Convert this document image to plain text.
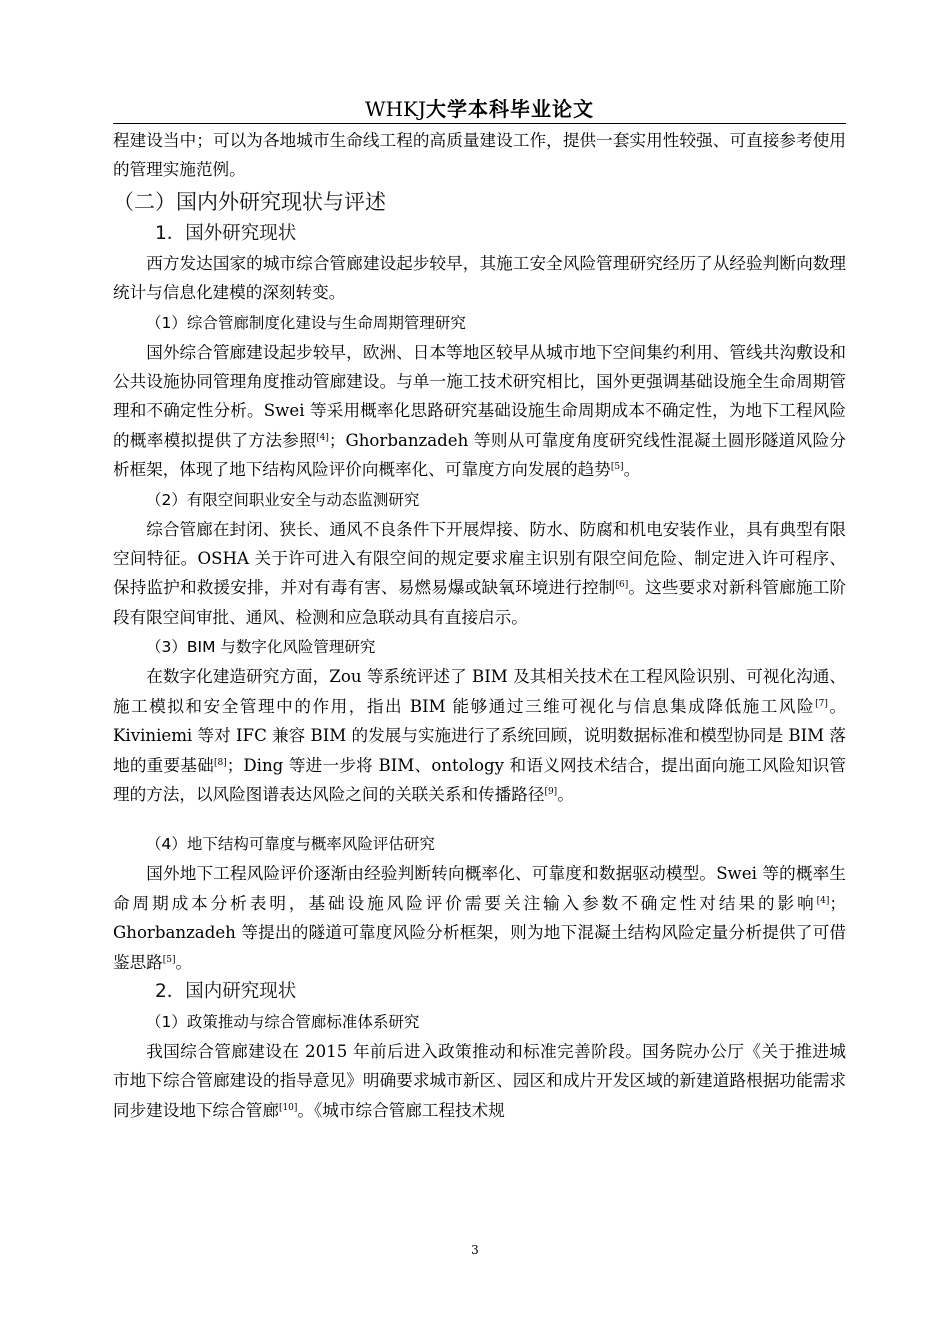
WHKJ大学本科毕业论文

程建设当中；可以为各地城市生命线工程的高质量建设工作，提供一套实用性较强、可直接参考使用的管理实施范例。

（二）国内外研究现状与评述

1．国外研究现状

西方发达国家的城市综合管廊建设起步较早，其施工安全风险管理研究经历了从经验判断向数理统计与信息化建模的深刻转变。

（1）综合管廊制度化建设与生命周期管理研究

国外综合管廊建设起步较早，欧洲、日本等地区较早从城市地下空间集约利用、管线共沟敷设和公共设施协同管理角度推动管廊建设。与单一施工技术研究相比，国外更强调基础设施全生命周期管理和不确定性分析。Swei 等采用概率化思路研究基础设施生命周期成本不确定性，为地下工程风险的概率模拟提供了方法参照[4]；Ghorbanzadeh 等则从可靠度角度研究线性混凝土圆形隧道风险分析框架，体现了地下结构风险评价向概率化、可靠度方向发展的趋势[5]。

（2）有限空间职业安全与动态监测研究

综合管廊在封闭、狭长、通风不良条件下开展焊接、防水、防腐和机电安装作业，具有典型有限空间特征。OSHA 关于许可进入有限空间的规定要求雇主识别有限空间危险、制定进入许可程序、保持监护和救援安排，并对有毒有害、易燃易爆或缺氧环境进行控制[6]。这些要求对新科管廊施工阶段有限空间审批、通风、检测和应急联动具有直接启示。

（3）BIM 与数字化风险管理研究

在数字化建造研究方面，Zou 等系统评述了 BIM 及其相关技术在工程风险识别、可视化沟通、施工模拟和安全管理中的作用，指出 BIM 能够通过三维可视化与信息集成降低施工风险[7]。Kiviniemi 等对 IFC 兼容 BIM 的发展与实施进行了系统回顾，说明数据标准和模型协同是 BIM 落地的重要基础[8]；Ding 等进一步将 BIM、ontology 和语义网技术结合，提出面向施工风险知识管理的方法，以风险图谱表达风险之间的关联关系和传播路径[9]。

（4）地下结构可靠度与概率风险评估研究

国外地下工程风险评价逐渐由经验判断转向概率化、可靠度和数据驱动模型。Swei 等的概率生命周期成本分析表明，基础设施风险评价需要关注输入参数不确定性对结果的影响[4]；Ghorbanzadeh 等提出的隧道可靠度风险分析框架，则为地下混凝土结构风险定量分析提供了可借鉴思路[5]。

2．国内研究现状

（1）政策推动与综合管廊标准体系研究

我国综合管廊建设在 2015 年前后进入政策推动和标准完善阶段。国务院办公厅《关于推进城市地下综合管廊建设的指导意见》明确要求城市新区、园区和成片开发区域的新建道路根据功能需求同步建设地下综合管廊[10]。《城市综合管廊工程技术规

3
